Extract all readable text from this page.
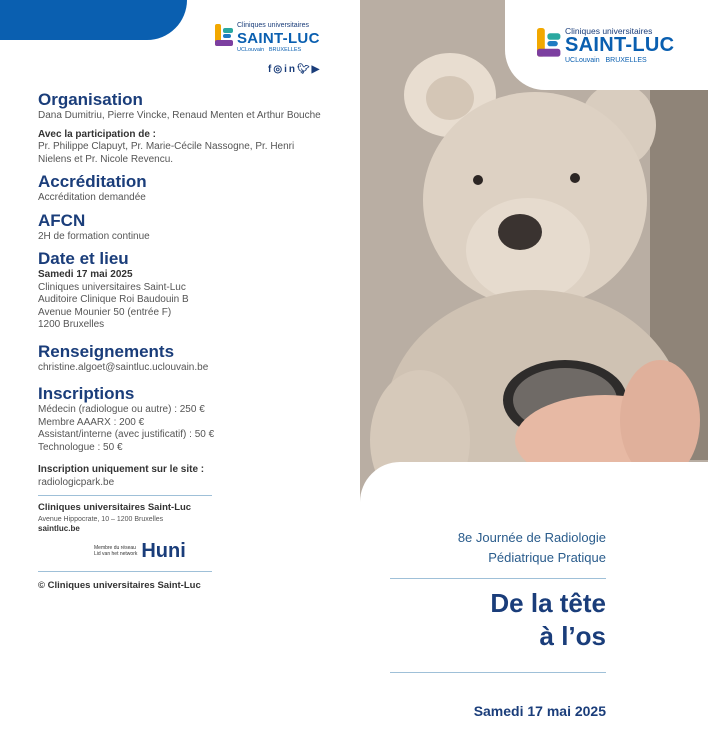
Cliniques universitaires
SAINT-LUC
UCLouvain BRUXELLES
f◎in🐦︎▶

Organisation

Dana Dumitriu, Pierre Vincke, Renaud Menten et Arthur Bouche

Avec la participation de :

Pr. Philippe Clapuyt, Pr. Marie-Cécile Nassogne, Pr. Henri Nielens et Pr. Nicole Revencu.

Accréditation

Accréditation demandée

AFCN

2H de formation continue

Date et lieu

Samedi 17 mai 2025

Cliniques universitaires Saint-Luc

Auditoire Clinique Roi Baudouin B

Avenue Mounier 50 (entrée F)

1200 Bruxelles

Renseignements

christine.algoet@saintluc.uclouvain.be

Inscriptions

Médecin (radiologue ou autre) : 250 €

Membre AAARX : 200 €

Assistant/interne (avec justificatif) : 50 €

Technologue : 50 €

Inscription uniquement sur le site :

radiologicpark.be

Cliniques universitaires Saint-Luc

Avenue Hippocrate, 10 – 1200 Bruxelles

saintluc.be

Membre du réseau
Lid van het network Huni

© Cliniques universitaires Saint-Luc

Cliniques universitaires
SAINT-LUC
UCLouvain BRUXELLES
8e Journée de Radiologie
Pédiatrique Pratique
De la tête
à l’os
Samedi 17 mai 2025
